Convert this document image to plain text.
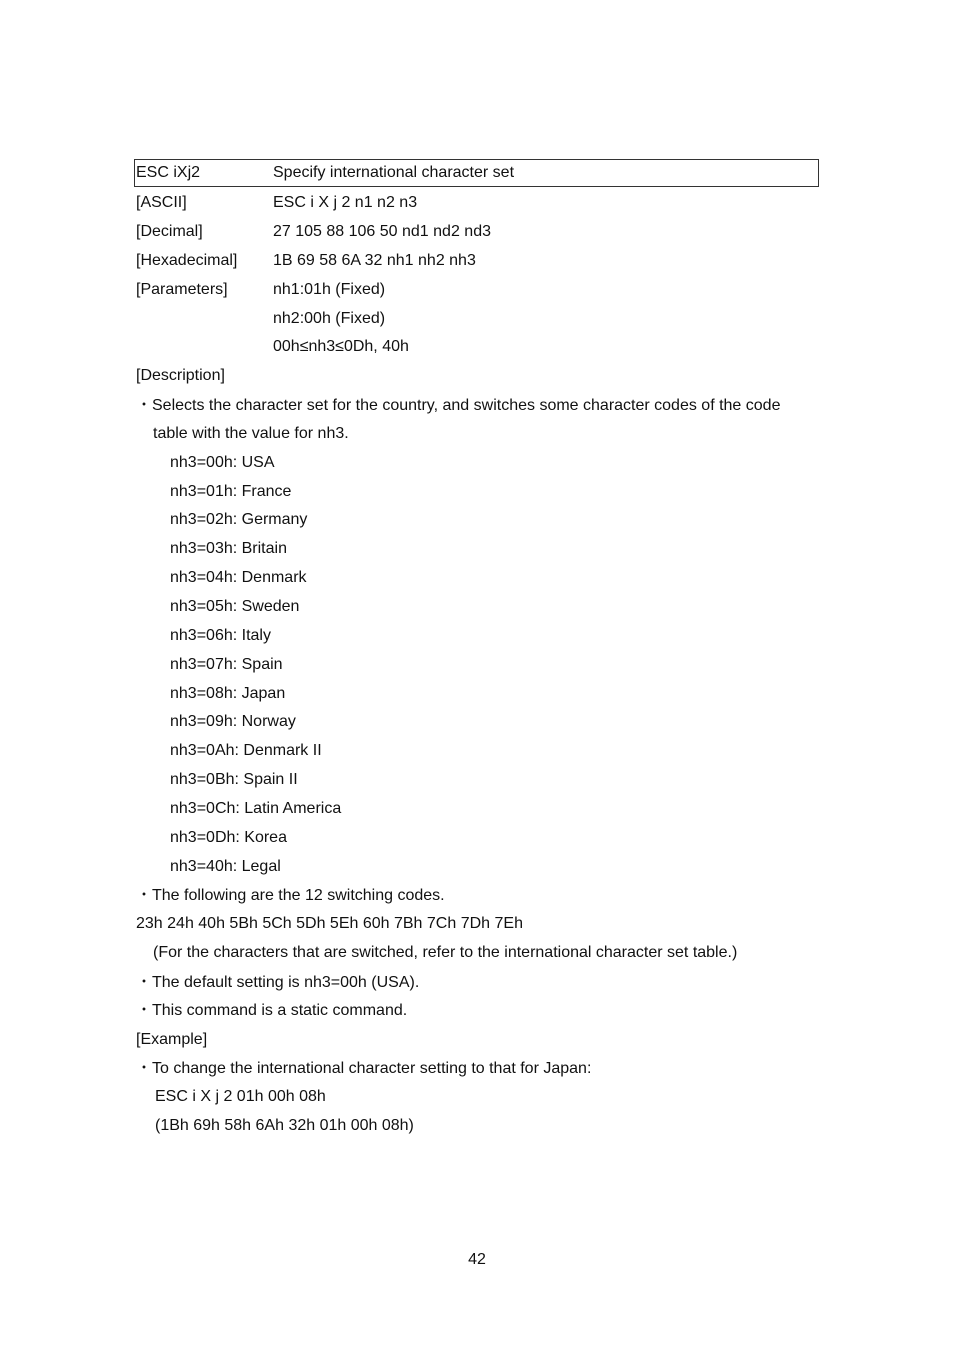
ESC iXj2	Specify international character set
[ASCII]	ESC i X j 2 n1 n2 n3
[Decimal]	27 105 88 106 50 nd1 nd2 nd3
[Hexadecimal] 1B 69 58 6A 32 nh1 nh2 nh3
[Parameters]	nh1:01h (Fixed)
nh2:00h (Fixed)
00h≤nh3≤0Dh, 40h
[Description]
・Selects the character set for the country, and switches some character codes of the code
table with the value for nh3.
nh3=00h: USA
nh3=01h: France
nh3=02h: Germany
nh3=03h: Britain
nh3=04h: Denmark
nh3=05h: Sweden
nh3=06h: Italy
nh3=07h: Spain
nh3=08h: Japan
nh3=09h: Norway
nh3=0Ah: Denmark II
nh3=0Bh: Spain II
nh3=0Ch: Latin America
nh3=0Dh: Korea
nh3=40h: Legal
・The following are the 12 switching codes.
23h 24h 40h 5Bh 5Ch 5Dh 5Eh 60h 7Bh 7Ch 7Dh 7Eh
(For the characters that are switched, refer to the international character set table.)
・The default setting is nh3=00h (USA).
・This command is a static command.
[Example]
・To change the international character setting to that for Japan:
ESC i X j 2 01h 00h 08h
(1Bh 69h 58h 6Ah 32h 01h 00h 08h)
42
